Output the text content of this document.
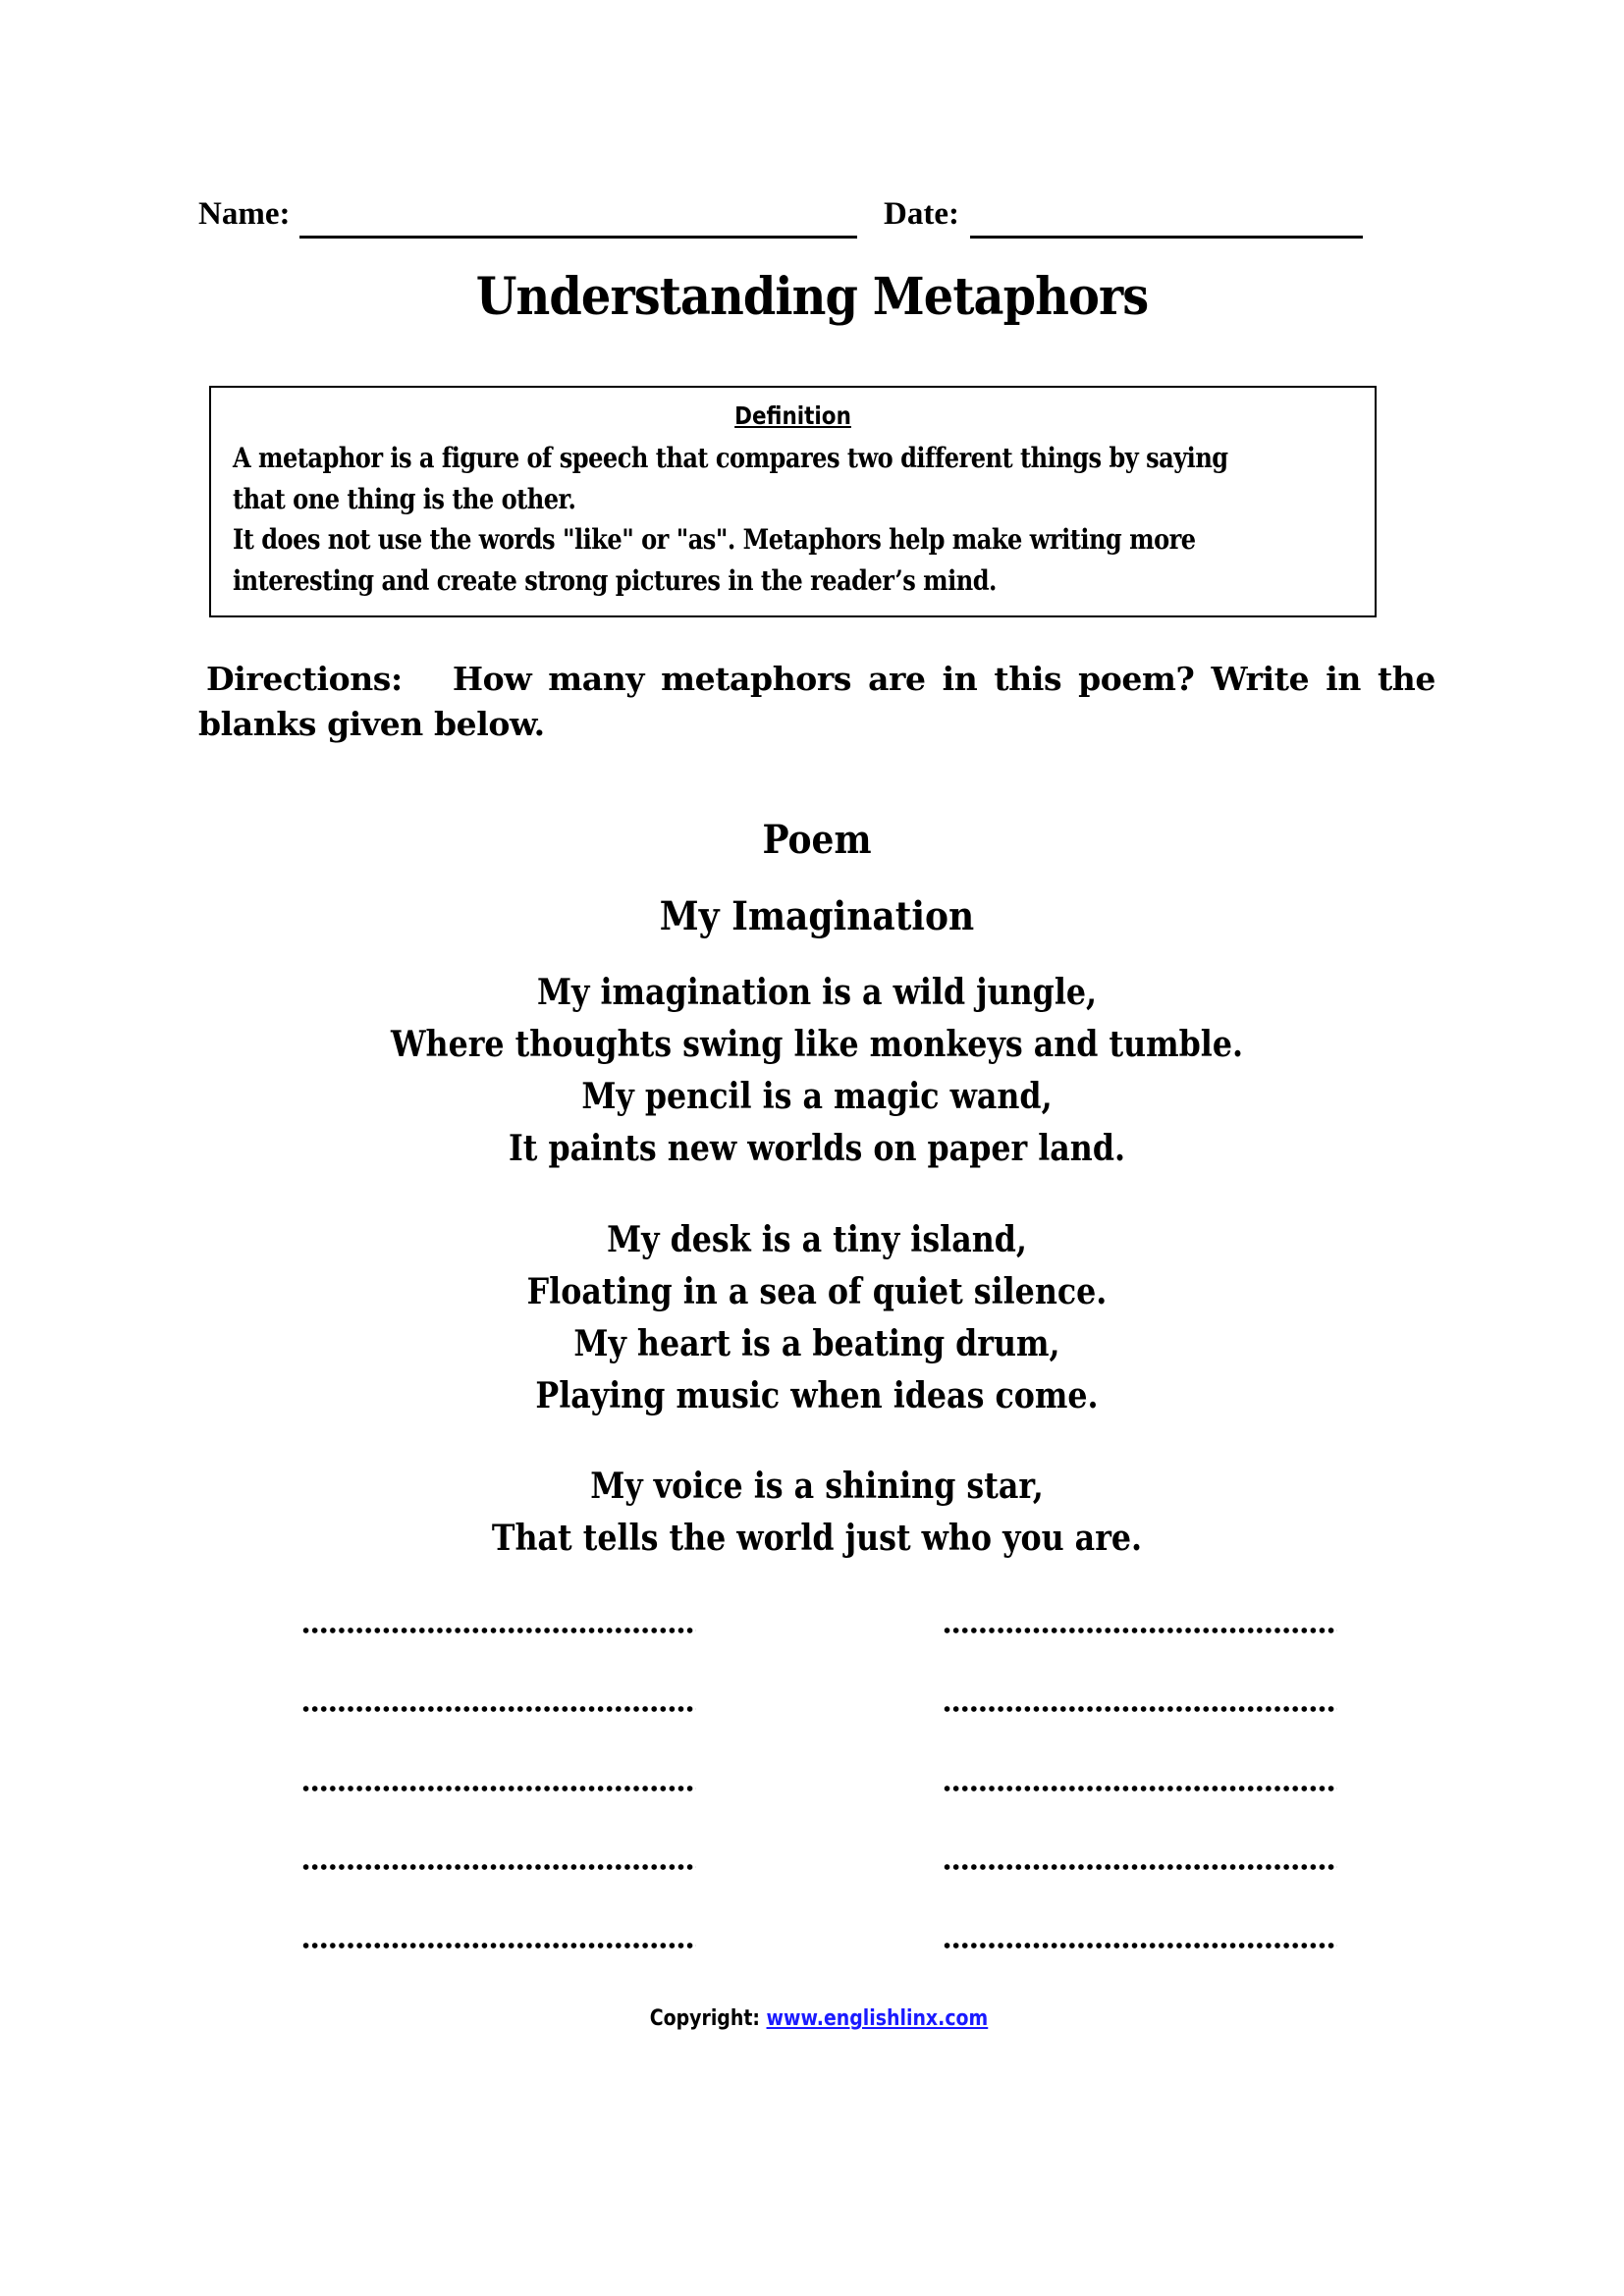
Name:	Date:
Understanding Metaphors
Definition
A metaphor is a figure of speech that compares two different things by saying
that one thing is the other.
It does not use the words "like" or "as". Metaphors help make writing more
interesting and create strong pictures in the reader’s mind.
Directions: How many metaphors are in this poem? Write in the blanks given below.
Poem
My Imagination
My imagination is a wild jungle,
Where thoughts swing like monkeys and tumble.
My pencil is a magic wand,
It paints new worlds on paper land.
My desk is a tiny island,
Floating in a sea of quiet silence.
My heart is a beating drum,
Playing music when ideas come.
My voice is a shining star,
That tells the world just who you are.
Copyright: www.englishlinx.com
